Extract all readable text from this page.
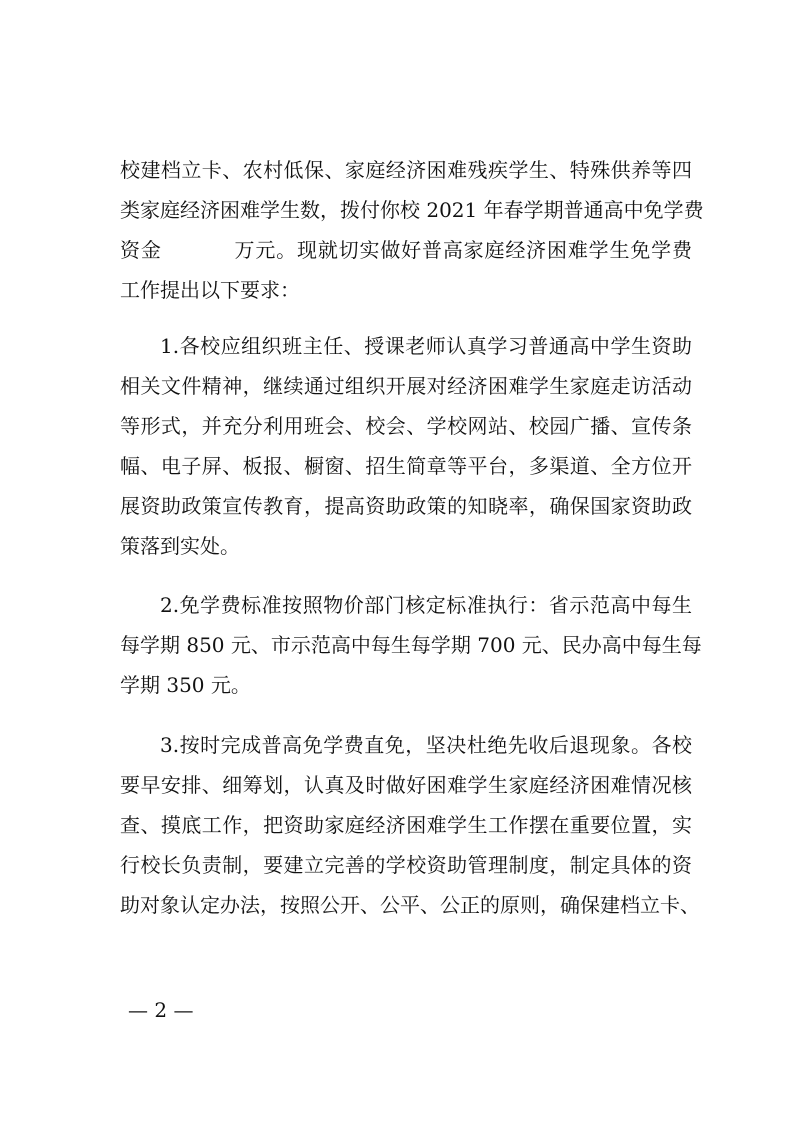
校建档立卡、农村低保、家庭经济困难残疾学生、特殊供养等四
类家庭经济困难学生数，拨付你校 2021 年春学期普通高中免学费
资金	万元。现就切实做好普高家庭经济困难学生免学费
工作提出以下要求：
1.各校应组织班主任、授课老师认真学习普通高中学生资助
相关文件精神，继续通过组织开展对经济困难学生家庭走访活动
等形式，并充分利用班会、校会、学校网站、校园广播、宣传条
幅、电子屏、板报、橱窗、招生简章等平台，多渠道、全方位开
展资助政策宣传教育，提高资助政策的知晓率，确保国家资助政
策落到实处。
2.免学费标准按照物价部门核定标准执行：省示范高中每生
每学期 850 元、市示范高中每生每学期 700 元、民办高中每生每
学期 350 元。
3.按时完成普高免学费直免，坚决杜绝先收后退现象。各校
要早安排、细筹划，认真及时做好困难学生家庭经济困难情况核
查、摸底工作，把资助家庭经济困难学生工作摆在重要位置，实
行校长负责制，要建立完善的学校资助管理制度，制定具体的资
助对象认定办法，按照公开、公平、公正的原则，确保建档立卡、
— 2 —
